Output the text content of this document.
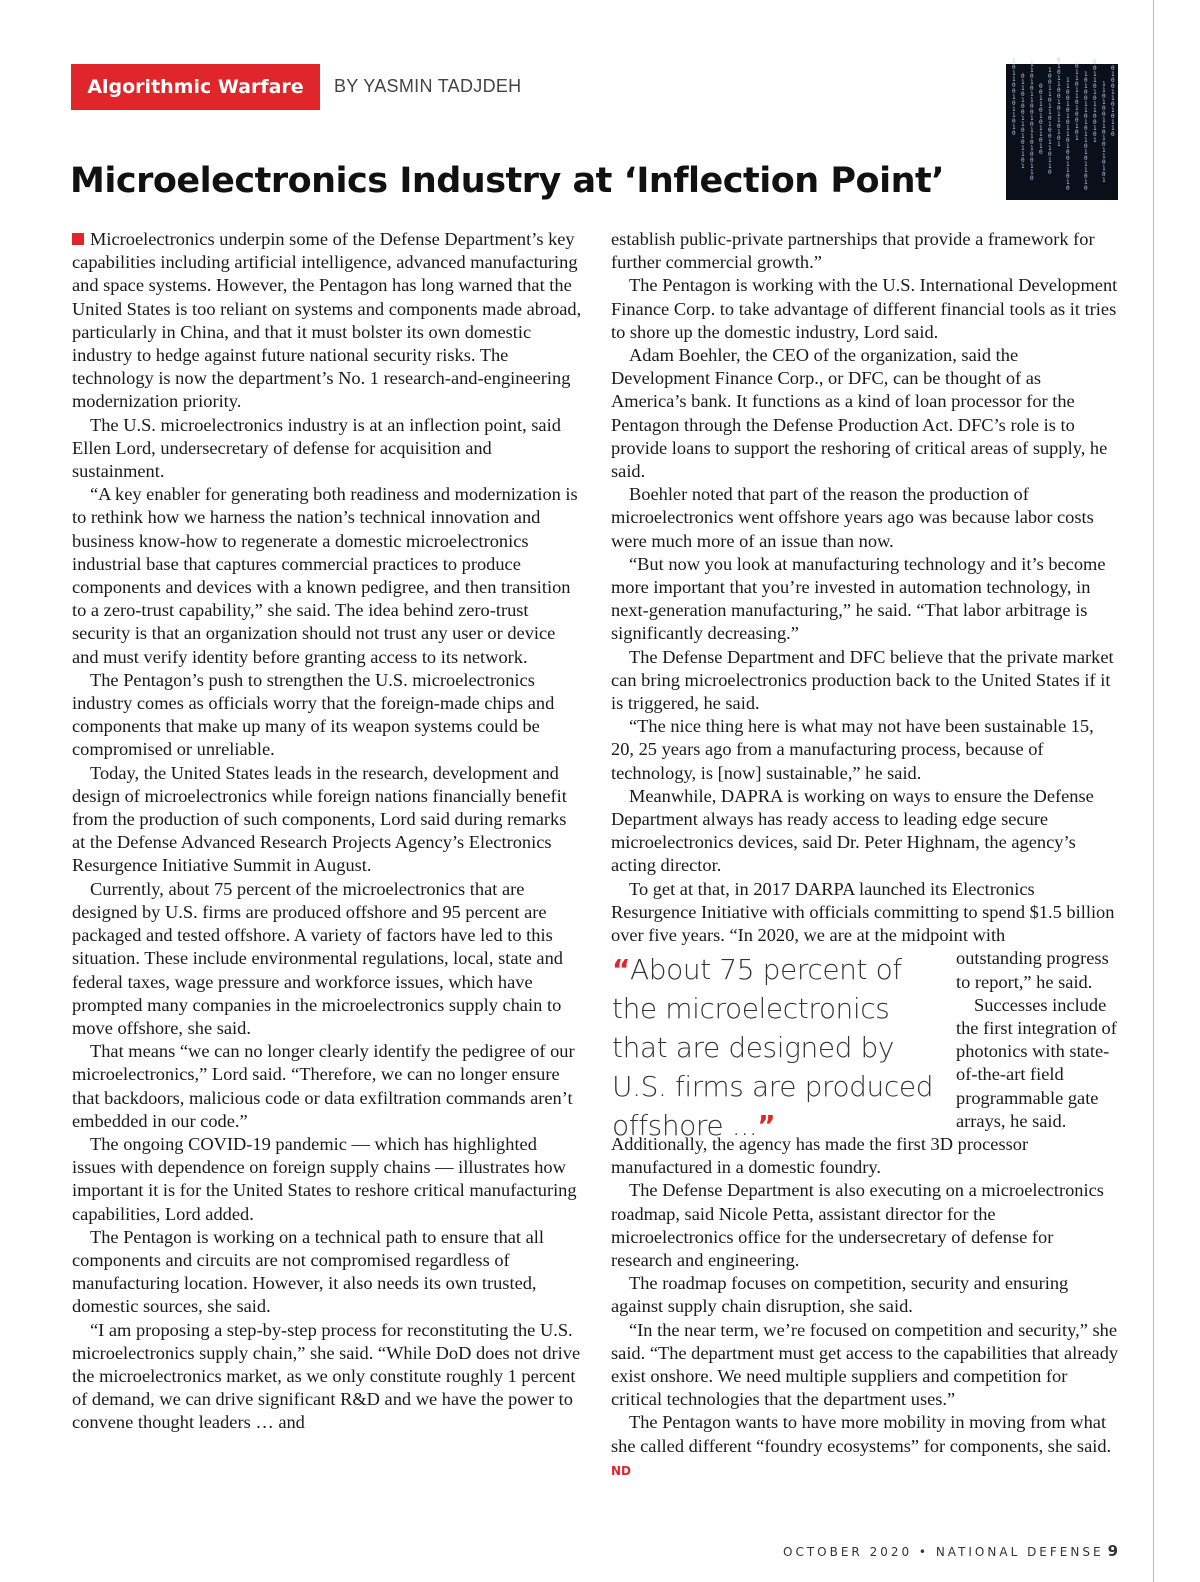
Algorithmic Warfare BY YASMIN TADJDEH
1
0
1
1
0
0
1
0
1
1
0
1
0
0
1
1
0
1
0
0
1
1
0
1
0
1
1
0
1
1
1
0
1
0
1
1
0
0
1
0
1
1
0
1
0
0
1
1
0
0
0
1
1
0
1
0
1
1
0
1
0
1
0
0
1
1
0
1
1
0
1
0
0
1
1
0
1
1
0
0
1
0
1
1
0
0
1
0
1
1
0
1
0
1
1
1
0
0
1
0
1
0
1
1
0
1
0
0
1
1
0
1
0
0
1
1
0
1
1
0
1
0
0
1
0
1
1
0
1
0
0
1
1
0
1
0
1
1
0
1
0
1
1
0
1
0
0
0
1
1
0
1
0
1
1
0
0
1
0
1
1
1
0
1
0
0
1
1
0
1
0
1
1
0
1
0
1
0
1
0
0
1
1
0
1
0
1
1
0
Microelectronics Industry at ‘Inflection Point’

Microelectronics underpin some of the Defense Department’s key capabilities including artificial intelligence, advanced manufacturing and space systems. However, the Pentagon has long warned that the United States is too reliant on systems and components made abroad, particularly in China, and that it must bolster its own domestic industry to hedge against future national security risks. The technology is now the department’s No. 1 research-and-engineering modernization priority.

The U.S. microelectronics industry is at an inflection point, said Ellen Lord, undersecretary of defense for acquisition and sustainment.

“A key enabler for generating both readiness and modernization is to rethink how we harness the nation’s technical innovation and business know-how to regenerate a domestic microelectronics industrial base that captures commercial practices to produce components and devices with a known pedigree, and then transition to a zero-trust capability,” she said. The idea behind zero-trust security is that an organization should not trust any user or device and must verify identity before granting access to its network.

The Pentagon’s push to strengthen the U.S. microelectronics industry comes as officials worry that the foreign-made chips and components that make up many of its weapon systems could be compromised or unreliable.

Today, the United States leads in the research, development and design of microelectronics while foreign nations financially benefit from the production of such components, Lord said during remarks at the Defense Advanced Research Projects Agency’s Electronics Resurgence Initiative Summit in August.

Currently, about 75 percent of the microelectronics that are designed by U.S. firms are produced offshore and 95 percent are packaged and tested offshore. A variety of factors have led to this situation. These include environmental regulations, local, state and federal taxes, wage pressure and workforce issues, which have prompted many companies in the microelectronics supply chain to move offshore, she said.

That means “we can no longer clearly identify the pedigree of our microelectronics,” Lord said. “Therefore, we can no longer ensure that backdoors, malicious code or data exfiltration commands aren’t embedded in our code.”

The ongoing COVID-19 pandemic — which has highlighted issues with dependence on foreign supply chains — illustrates how important it is for the United States to reshore critical manufacturing capabilities, Lord added.

The Pentagon is working on a technical path to ensure that all components and circuits are not compromised regardless of manufacturing location. However, it also needs its own trusted, domestic sources, she said.

“I am proposing a step-by-step process for reconstituting the U.S. microelectronics supply chain,” she said. “While DoD does not drive the microelectronics market, as we only constitute roughly 1 percent of demand, we can drive significant R&D and we have the power to convene thought leaders … and

establish public-private partnerships that provide a framework for further commercial growth.”

The Pentagon is working with the U.S. International Development Finance Corp. to take advantage of different financial tools as it tries to shore up the domestic industry, Lord said.

Adam Boehler, the CEO of the organization, said the Development Finance Corp., or DFC, can be thought of as America’s bank. It functions as a kind of loan processor for the Pentagon through the Defense Production Act. DFC’s role is to provide loans to support the reshoring of critical areas of supply, he said.

Boehler noted that part of the reason the production of microelectronics went offshore years ago was because labor costs were much more of an issue than now.

“But now you look at manufacturing technology and it’s become more important that you’re invested in automation technology, in next-generation manufacturing,” he said. “That labor arbitrage is significantly decreasing.”

The Defense Department and DFC believe that the private market can bring microelectronics production back to the United States if it is triggered, he said.

“The nice thing here is what may not have been sustainable 15, 20, 25 years ago from a manufacturing process, because of technology, is [now] sustainable,” he said.

Meanwhile, DAPRA is working on ways to ensure the Defense Department always has ready access to leading edge secure microelectronics devices, said Dr. Peter Highnam, the agency’s acting director.

To get at that, in 2017 DARPA launched its Electronics Resurgence Initiative with officials committing to spend $1.5 billion over five years. “In 2020, we are at the midpoint with

outstanding progress to report,” he said.

Successes include the first integration of photonics with state-of-the-art field programmable gate arrays, he said.

Additionally, the agency has made the first 3D processor manufactured in a domestic foundry.

The Defense Department is also executing on a microelectronics roadmap, said Nicole Petta, assistant director for the microelectronics office for the undersecretary of defense for research and engineering.

The roadmap focuses on competition, security and ensuring against supply chain disruption, she said.

“In the near term, we’re focused on competition and security,” she said. “The department must get access to the capabilities that already exist onshore. We need multiple suppliers and competition for critical technologies that the department uses.”

The Pentagon wants to have more mobility in moving from what she called different “foundry ecosystems” for components, she said. ND

“About 75 percent of the microelectronics that are designed by U.S. firms are produced offshore ...”
OCTOBER 2020 • NATIONAL DEFENSE 9
